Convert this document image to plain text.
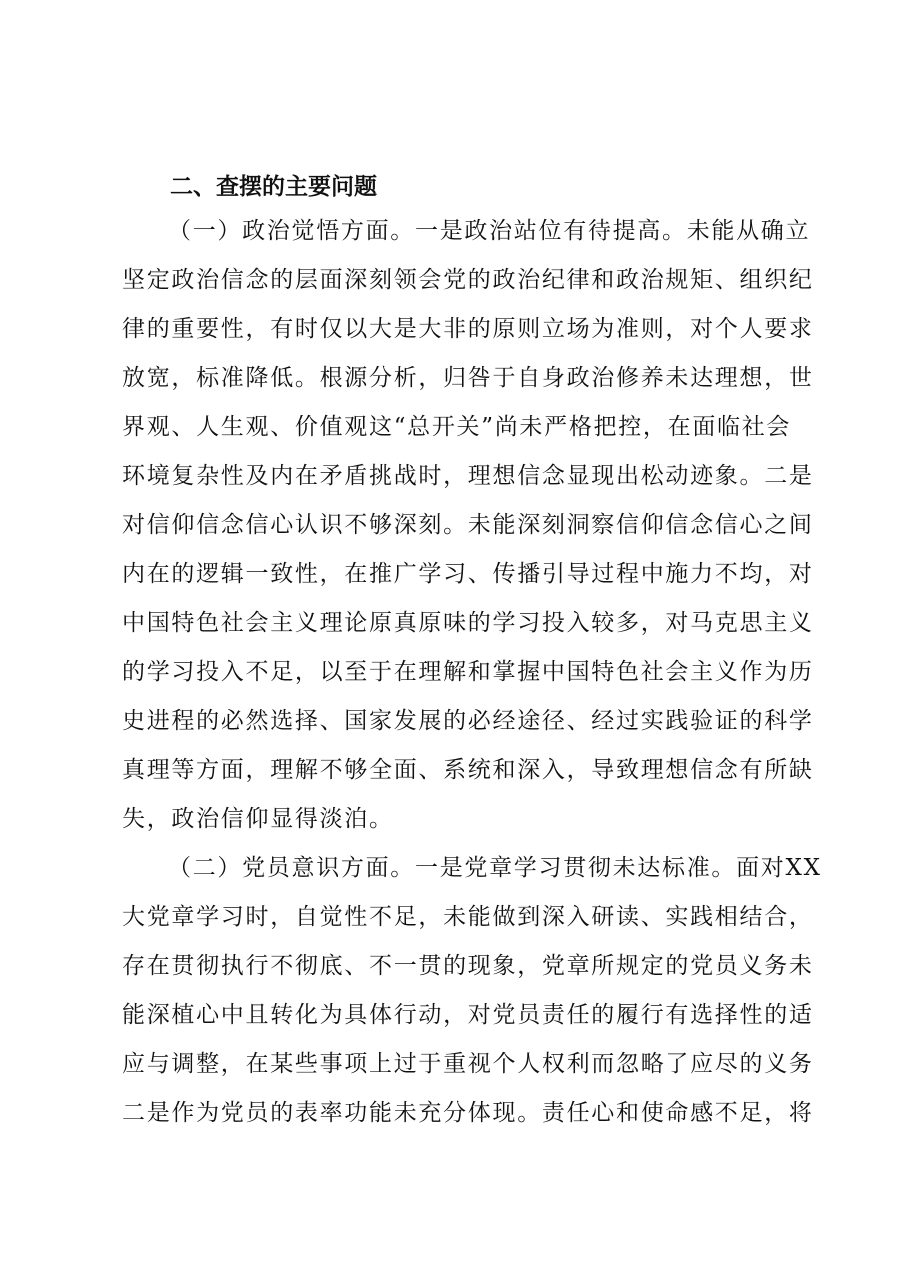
二、查摆的主要问题
（一）政治觉悟方面。一是政治站位有待提高。未能从确立
坚定政治信念的层面深刻领会党的政治纪律和政治规矩、组织纪
律的重要性，有时仅以大是大非的原则立场为准则，对个人要求
放宽，标准降低。根源分析，归咎于自身政治修养未达理想，世
界观、人生观、价值观这“总开关”尚未严格把控，在面临社会
环境复杂性及内在矛盾挑战时，理想信念显现出松动迹象。二是
对信仰信念信心认识不够深刻。未能深刻洞察信仰信念信心之间
内在的逻辑一致性，在推广学习、传播引导过程中施力不均，对
中国特色社会主义理论原真原味的学习投入较多，对马克思主义
的学习投入不足，以至于在理解和掌握中国特色社会主义作为历
史进程的必然选择、国家发展的必经途径、经过实践验证的科学
真理等方面，理解不够全面、系统和深入，导致理想信念有所缺
失，政治信仰显得淡泊。
（二）党员意识方面。一是党章学习贯彻未达标准。面对XX
大党章学习时，自觉性不足，未能做到深入研读、实践相结合，
存在贯彻执行不彻底、不一贯的现象，党章所规定的党员义务未
能深植心中且转化为具体行动，对党员责任的履行有选择性的适
应与调整，在某些事项上过于重视个人权利而忽略了应尽的义务
二是作为党员的表率功能未充分体现。责任心和使命感不足，将
